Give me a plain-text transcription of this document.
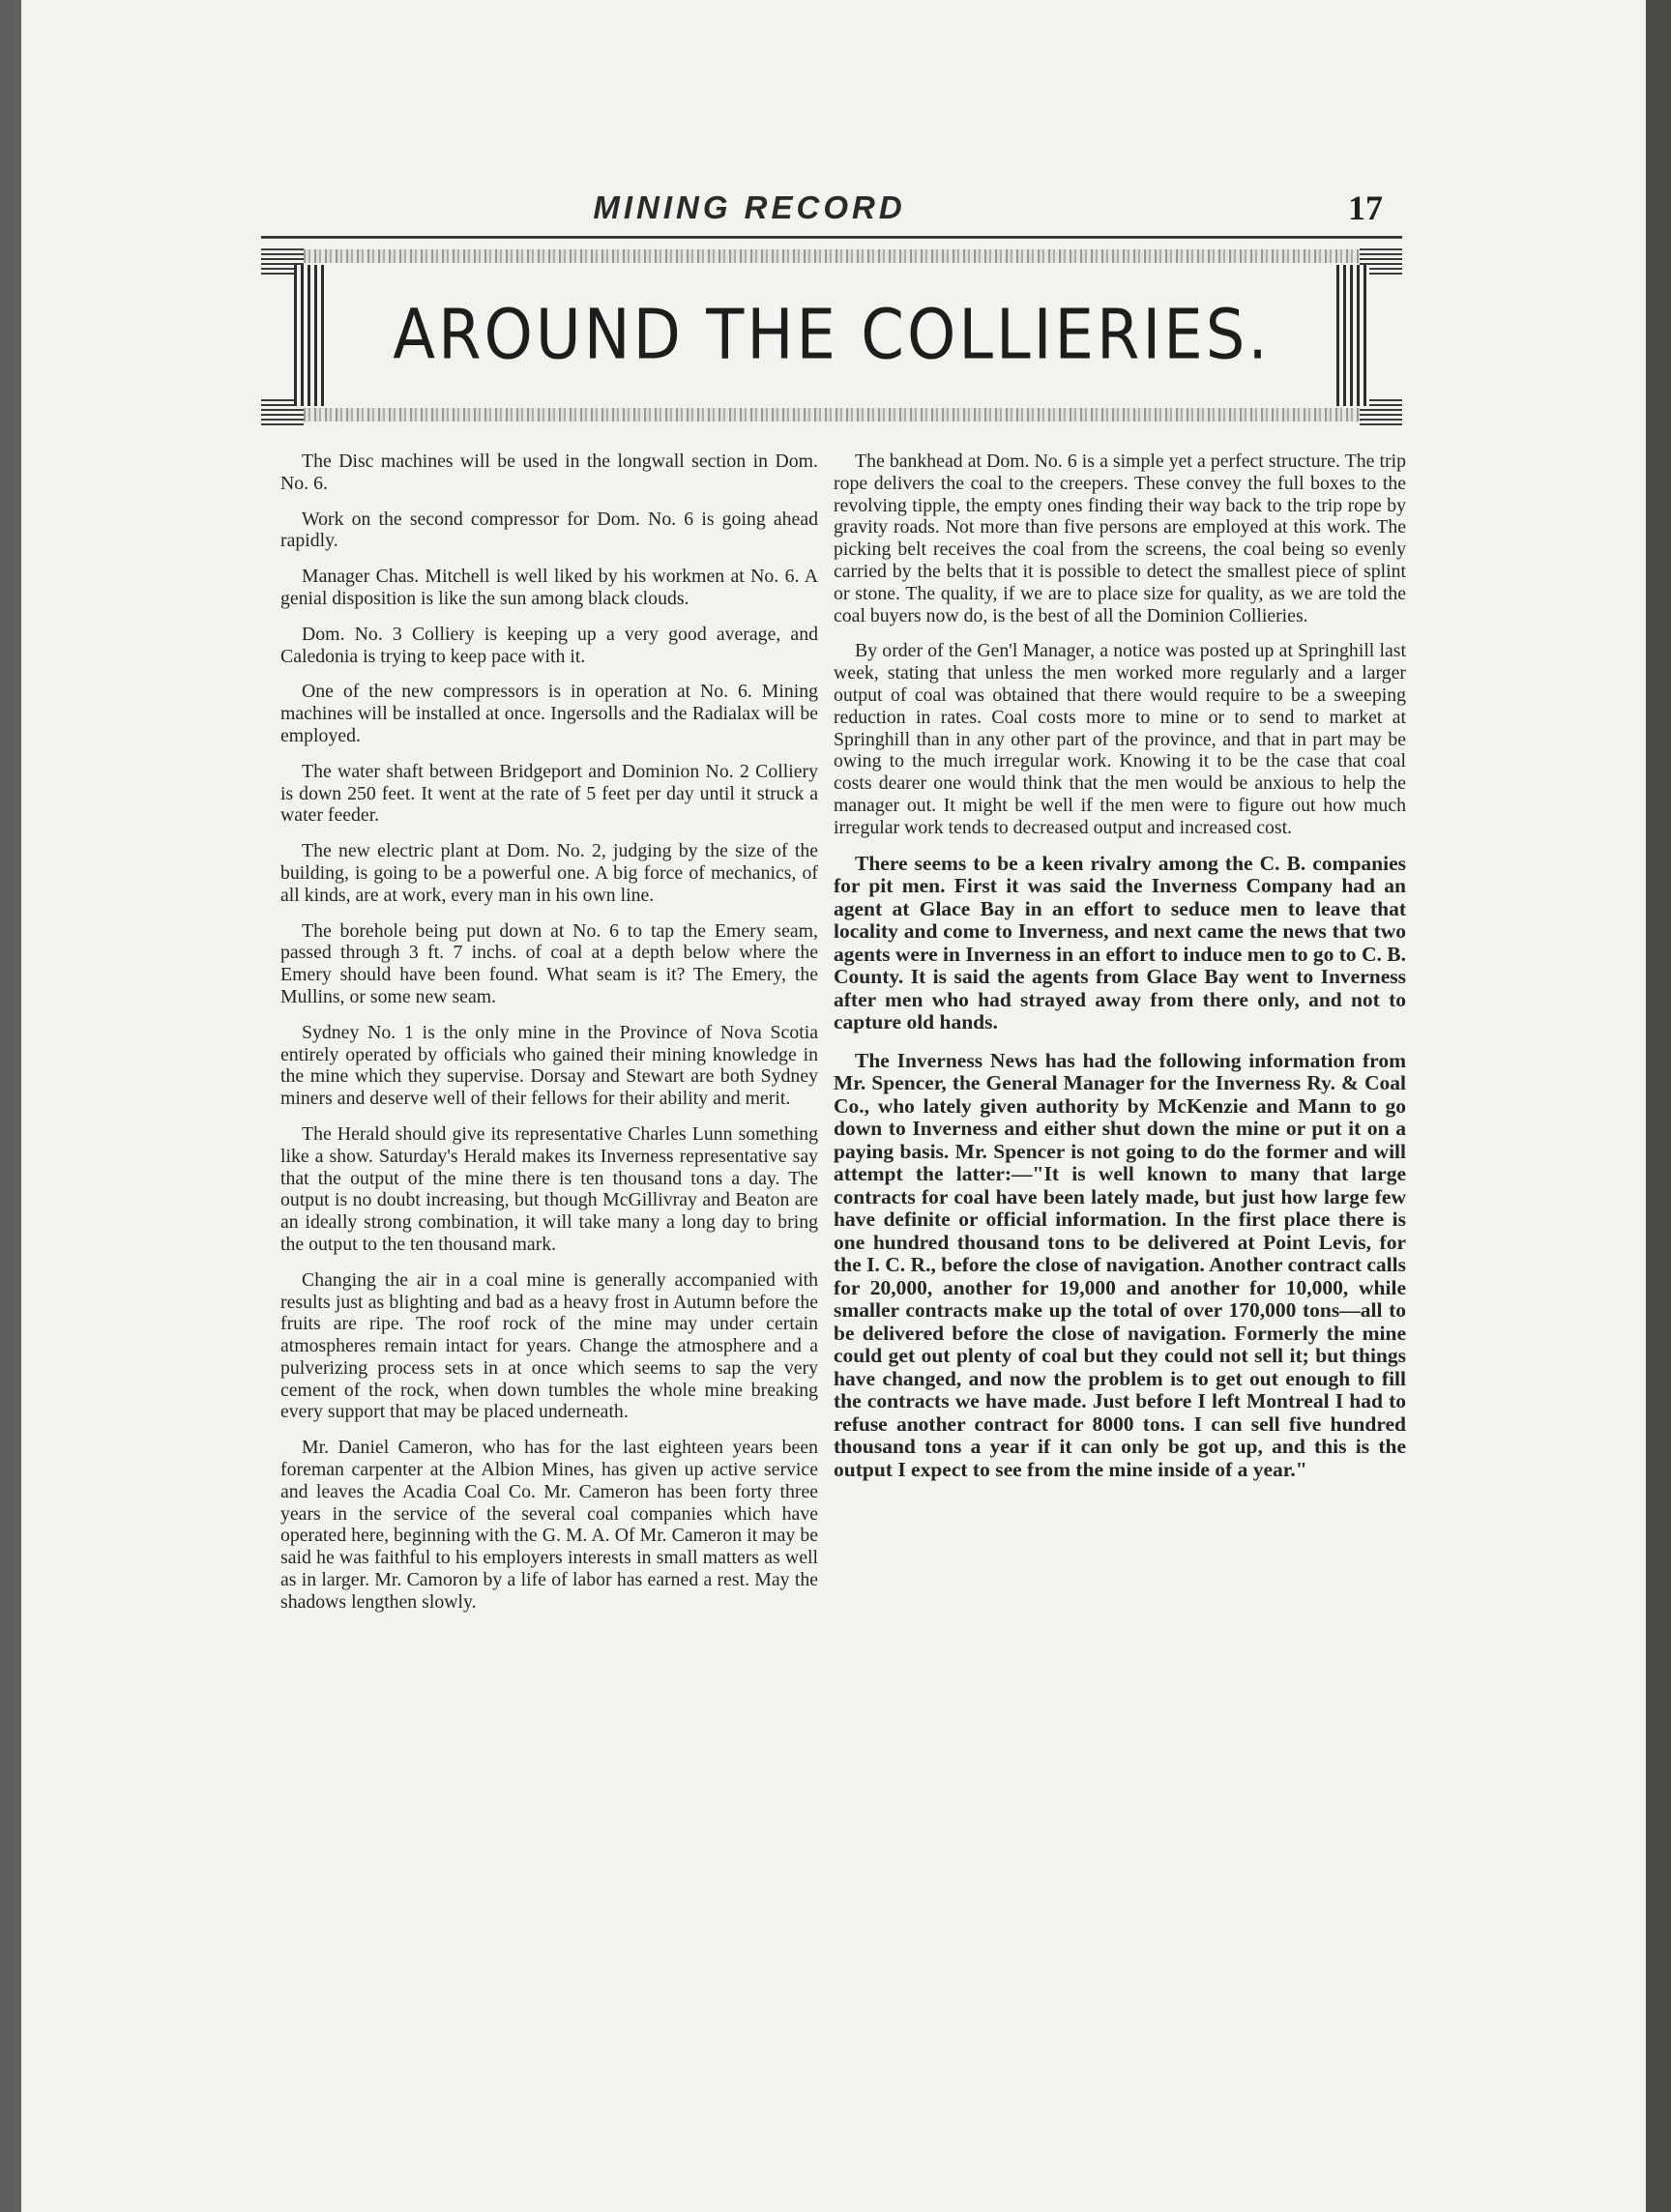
MINING RECORD	17
AROUND THE COLLIERIES.

The Disc machines will be used in the longwall section in Dom. No. 6.

Work on the second compressor for Dom. No. 6 is going ahead rapidly.

Manager Chas. Mitchell is well liked by his workmen at No. 6. A genial disposition is like the sun among black clouds.

Dom. No. 3 Colliery is keeping up a very good average, and Caledonia is trying to keep pace with it.

One of the new compressors is in operation at No. 6. Mining machines will be installed at once. Ingersolls and the Radialax will be employed.

The water shaft between Bridgeport and Dominion No. 2 Colliery is down 250 feet. It went at the rate of 5 feet per day until it struck a water feeder.

The new electric plant at Dom. No. 2, judging by the size of the building, is going to be a powerful one. A big force of mechanics, of all kinds, are at work, every man in his own line.

The borehole being put down at No. 6 to tap the Emery seam, passed through 3 ft. 7 inchs. of coal at a depth below where the Emery should have been found. What seam is it? The Emery, the Mullins, or some new seam.

Sydney No. 1 is the only mine in the Province of Nova Scotia entirely operated by officials who gained their mining knowledge in the mine which they supervise. Dorsay and Stewart are both Sydney miners and deserve well of their fellows for their ability and merit.

The Herald should give its representative Charles Lunn something like a show. Saturday's Herald makes its Inverness representative say that the output of the mine there is ten thousand tons a day. The output is no doubt increasing, but though McGillivray and Beaton are an ideally strong combination, it will take many a long day to bring the output to the ten thousand mark.

Changing the air in a coal mine is generally accompanied with results just as blighting and bad as a heavy frost in Autumn before the fruits are ripe. The roof rock of the mine may under certain atmospheres remain intact for years. Change the atmosphere and a pulverizing process sets in at once which seems to sap the very cement of the rock, when down tumbles the whole mine breaking every support that may be placed underneath.

Mr. Daniel Cameron, who has for the last eighteen years been foreman carpenter at the Albion Mines, has given up active service and leaves the Acadia Coal Co. Mr. Cameron has been forty three years in the service of the several coal companies which have operated here, beginning with the G. M. A. Of Mr. Cameron it may be said he was faithful to his employers interests in small matters as well as in larger. Mr. Camoron by a life of labor has earned a rest. May the shadows lengthen slowly.

The bankhead at Dom. No. 6 is a simple yet a perfect structure. The trip rope delivers the coal to the creepers. These convey the full boxes to the revolving tipple, the empty ones finding their way back to the trip rope by gravity roads. Not more than five persons are employed at this work. The picking belt receives the coal from the screens, the coal being so evenly carried by the belts that it is possible to detect the smallest piece of splint or stone. The quality, if we are to place size for quality, as we are told the coal buyers now do, is the best of all the Dominion Collieries.

By order of the Gen'l Manager, a notice was posted up at Springhill last week, stating that unless the men worked more regularly and a larger output of coal was obtained that there would require to be a sweeping reduction in rates. Coal costs more to mine or to send to market at Springhill than in any other part of the province, and that in part may be owing to the much irregular work. Knowing it to be the case that coal costs dearer one would think that the men would be anxious to help the manager out. It might be well if the men were to figure out how much irregular work tends to decreased output and increased cost.

There seems to be a keen rivalry among the C. B. companies for pit men. First it was said the Inverness Company had an agent at Glace Bay in an effort to seduce men to leave that locality and come to Inverness, and next came the news that two agents were in Inverness in an effort to induce men to go to C. B. County. It is said the agents from Glace Bay went to Inverness after men who had strayed away from there only, and not to capture old hands.

The Inverness News has had the following information from Mr. Spencer, the General Manager for the Inverness Ry. & Coal Co., who lately given authority by McKenzie and Mann to go down to Inverness and either shut down the mine or put it on a paying basis. Mr. Spencer is not going to do the former and will attempt the latter:—"It is well known to many that large contracts for coal have been lately made, but just how large few have definite or official information. In the first place there is one hundred thousand tons to be delivered at Point Levis, for the I. C. R., before the close of navigation. Another contract calls for 20,000, another for 19,000 and another for 10,000, while smaller contracts make up the total of over 170,000 tons—all to be delivered before the close of navigation. Formerly the mine could get out plenty of coal but they could not sell it; but things have changed, and now the problem is to get out enough to fill the contracts we have made. Just before I left Montreal I had to refuse another contract for 8000 tons. I can sell five hundred thousand tons a year if it can only be got up, and this is the output I expect to see from the mine inside of a year."
